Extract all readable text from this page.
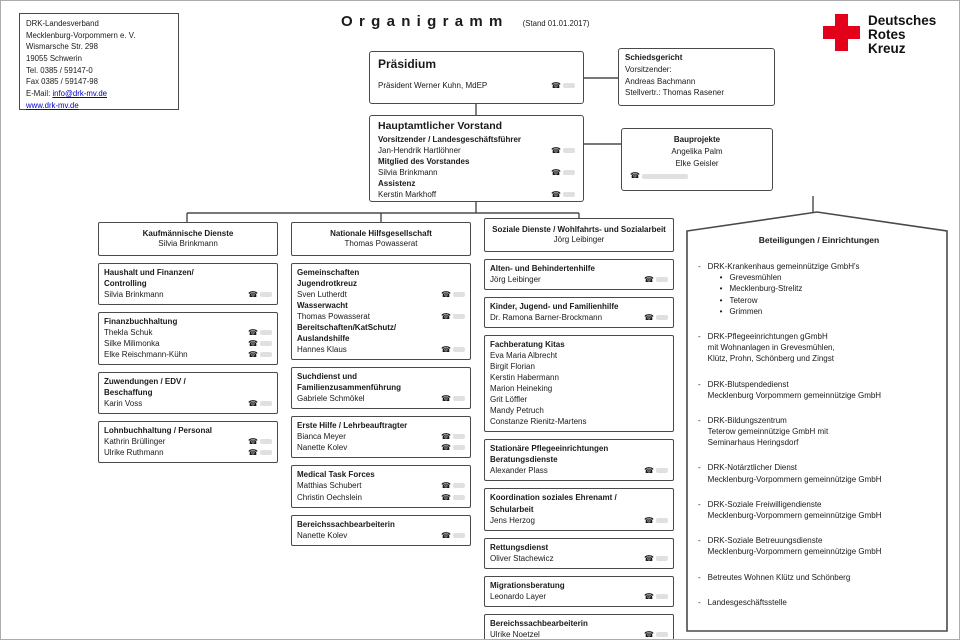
DRK-Landesverband
Mecklenburg-Vorpommern e. V.
Wismarsche Str. 298
19055 Schwerin
Tel. 0385 / 59147-0
Fax 0385 / 59147-98
E-Mail: info@drk-mv.de
www.drk-mv.de
Organigramm (Stand 01.01.2017)	Deutsches
Rotes
Kreuz
Präsidium
Präsident Werner Kuhn, MdEP	☎
Schiedsgericht
Vorsitzender:
Andreas Bachmann
Stellvertr.: Thomas Rasener
Hauptamtlicher Vorstand
Vorsitzender / Landesgeschäftsführer
Jan-Hendrik Hartlöhner	☎
Mitglied des Vorstandes
Silvia Brinkmann	☎
Assistenz
Kerstin Markhoff	☎
Bauprojekte
Angelika Palm
Elke Geisler
☎
Kaufmännische Dienste
Silvia Brinkmann
Haushalt und Finanzen/
Controlling
Silvia Brinkmann	☎
Finanzbuchhaltung
Thekla Schuk	☎
Silke Milimonka	☎
Elke Reischmann-Kühn	☎
Zuwendungen / EDV /
Beschaffung
Karin Voss	☎
Lohnbuchhaltung / Personal
Kathrin Brüllinger	☎
Ulrike Ruthmann	☎
Nationale Hilfsgesellschaft
Thomas Powasserat
Gemeinschaften
Jugendrotkreuz
Sven Lutherdt	☎
Wasserwacht
Thomas Powasserat	☎
Bereitschaften/KatSchutz/
Auslandshilfe
Hannes Klaus	☎
Suchdienst und
Familienzusammenführung
Gabriele Schmökel	☎
Erste Hilfe / Lehrbeauftragter
Bianca Meyer	☎
Nanette Kolev	☎
Medical Task Forces
Matthias Schubert	☎
Christin Oechslein	☎
Bereichssachbearbeiterin
Nanette Kolev	☎
Soziale Dienste / Wohlfahrts- und Sozialarbeit
Jörg Leibinger
Alten- und Behindertenhilfe
Jörg Leibinger	☎
Kinder, Jugend- und Familienhilfe
Dr. Ramona Barner-Brockmann	☎
Fachberatung Kitas
Eva Maria Albrecht
Birgit Florian
Kerstin Habermann
Marion Heineking
Grit Löffler
Mandy Petruch
Constanze Rienitz-Martens
Stationäre Pflegeeinrichtungen
Beratungsdienste
Alexander Plass	☎
Koordination soziales Ehrenamt /
Schularbeit
Jens Herzog	☎
Rettungsdienst
Oliver Stachewicz	☎
Migrationsberatung
Leonardo Layer	☎
Bereichssachbearbeiterin
Ulrike Noetzel	☎
Beteiligungen / Einrichtungen
- DRK-Krankenhaus gemeinnützige GmbH's
• Grevesmühlen
• Mecklenburg-Strelitz
• Teterow
• Grimmen
- DRK-Pflegeeinrichtungen gGmbH
mit Wohnanlagen in Grevesmühlen,
Klütz, Prohn, Schönberg und Zingst
- DRK-Blutspendedienst
Mecklenburg Vorpommern gemeinnützige GmbH
- DRK-Bildungszentrum
Teterow gemeinnützige GmbH mit
Seminarhaus Heringsdorf
- DRK-Notärztlicher Dienst
Mecklenburg-Vorpommern gemeinnützige GmbH
- DRK-Soziale Freiwilligendienste
Mecklenburg-Vorpommern gemeinnützige GmbH
- DRK-Soziale Betreuungsdienste
Mecklenburg-Vorpommern gemeinnützige GmbH
- Betreutes Wohnen Klütz und Schönberg
- Landesgeschäftsstelle
